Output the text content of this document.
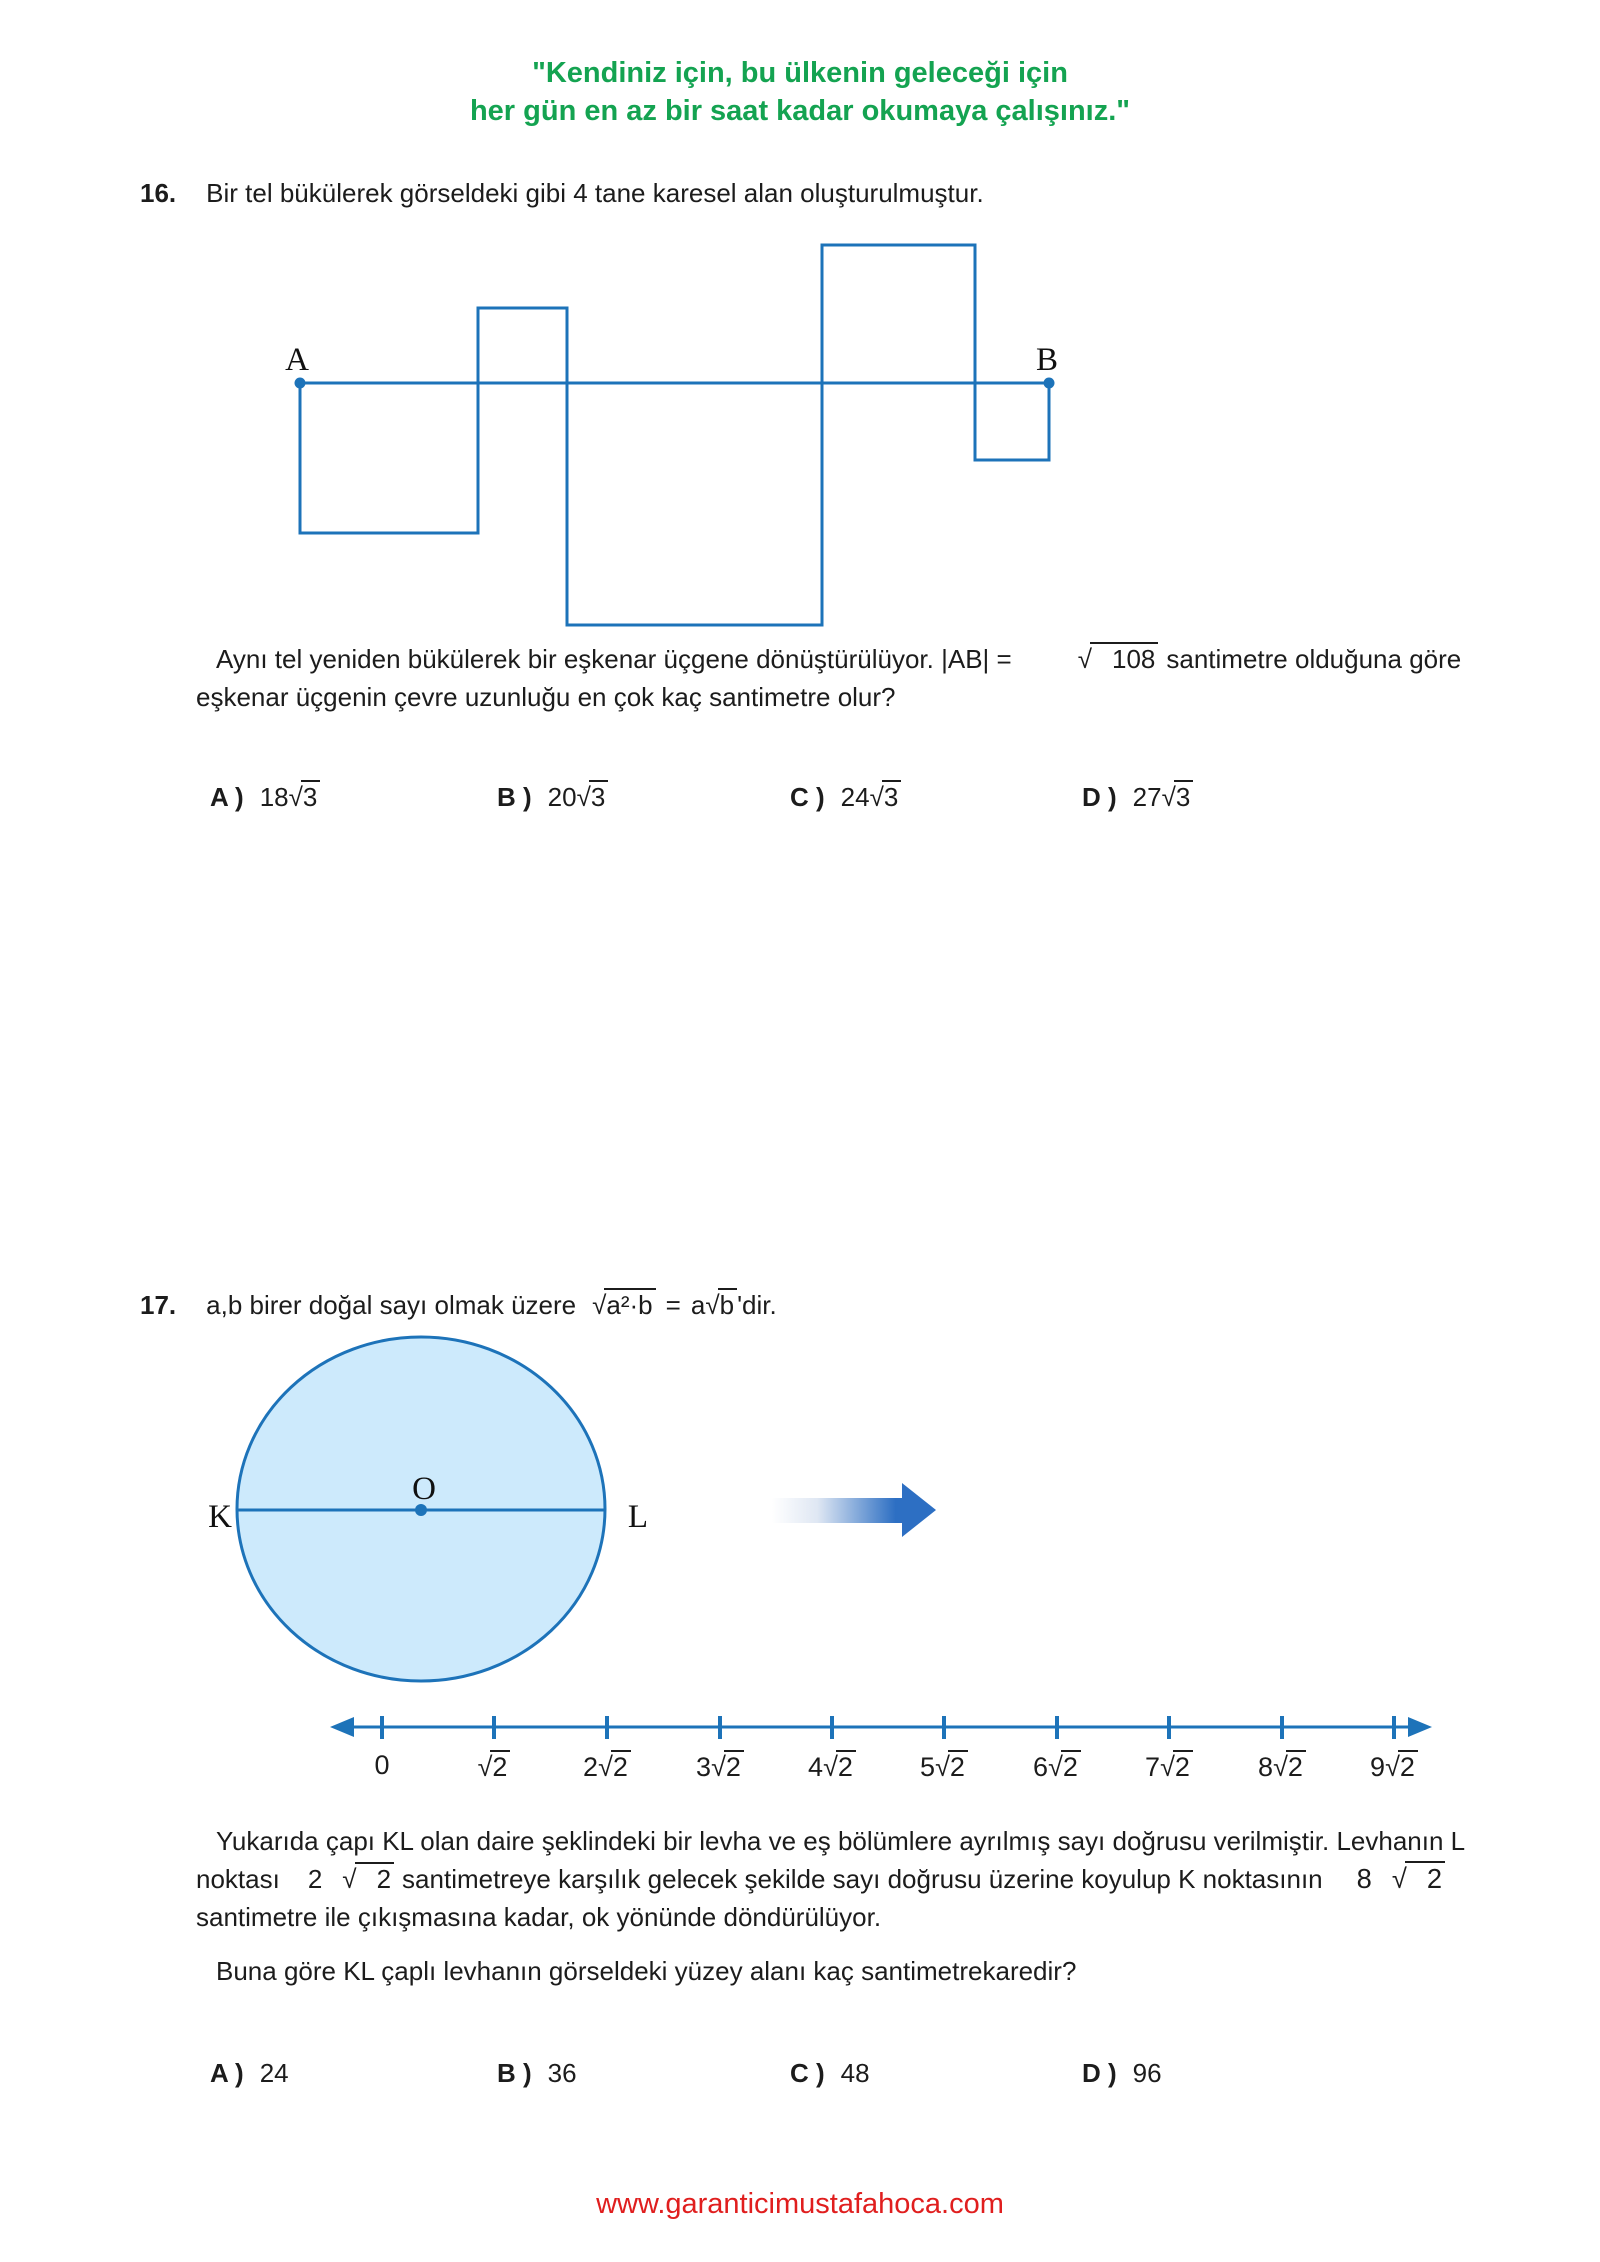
"Kendiniz için, bu ülkenin geleceği için
her gün en az bir saat kadar okumaya çalışınız."
16. Bir tel bükülerek görseldeki gibi 4 tane karesel alan oluşturulmuştur.
A	B
Aynı tel yeniden bükülerek bir eşkenar üçgene dönüştürülüyor. |AB| =	√ 108 santimetre olduğuna göre eşkenar üçgenin çevre uzunluğu en çok kaç santimetre olur?
A ) 18√3	B ) 20√3	C ) 24√3	D ) 27√3
17. a,b birer doğal sayı olmak üzere √a²·b = a√b 'dir.
K	L
O
0	√2	2√2	3√2	4√2	5√2	6√2	7√2	8√2	9√2
Yukarıda çapı KL olan daire şeklindeki bir levha ve eş bölümlere ayrılmış sayı doğrusu verilmiştir. Levhanın L noktası 2 √ 2 santimetreye karşılık gelecek şekilde sayı doğrusu üzerine koyulup K noktasının 8 √ 2santimetre ile çıkışmasına kadar, ok yönünde döndürülüyor.
Buna göre KL çaplı levhanın görseldeki yüzey alanı kaç santimetrekaredir?
A ) 24	B ) 36	C ) 48	D ) 96
www.garanticimustafahoca.com
